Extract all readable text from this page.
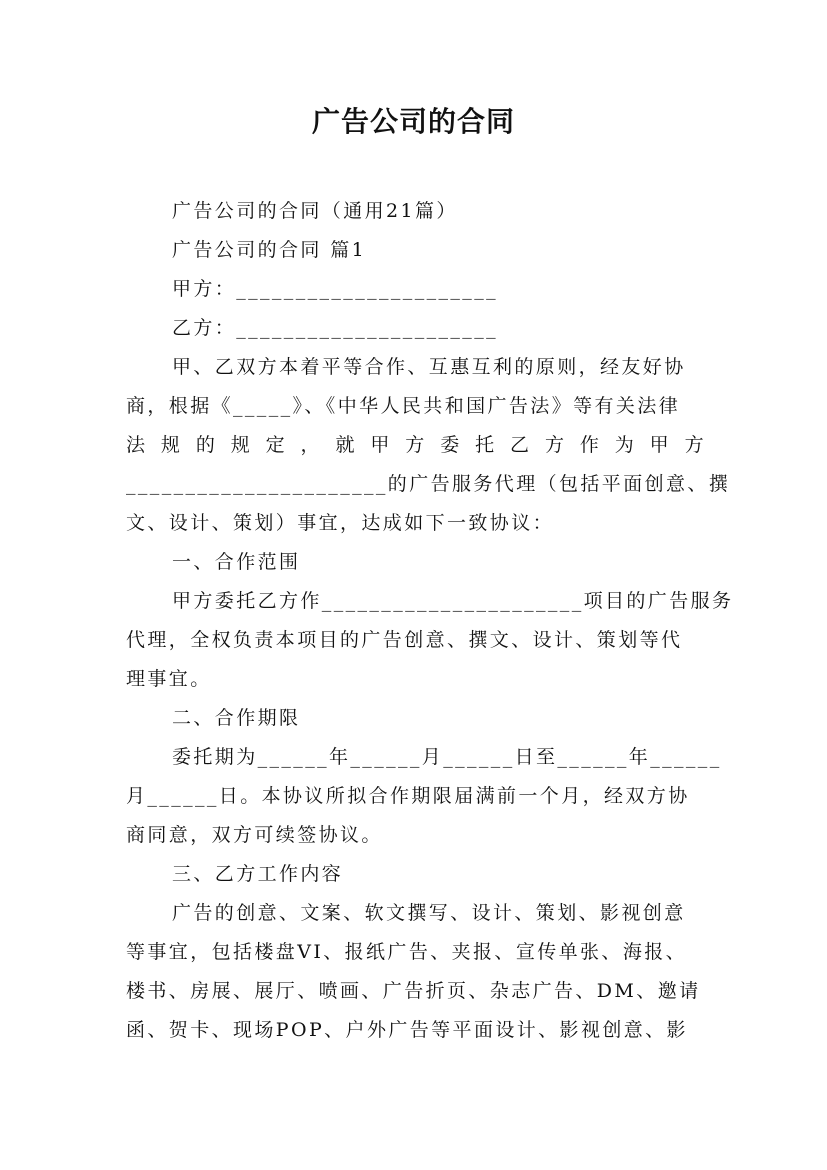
广告公司的合同
广告公司的合同（通用21篇）
广告公司的合同 篇1
甲方：______________________
乙方：______________________
甲、乙双方本着平等合作、互惠互利的原则，经友好协
商，根据《_____》、《中华人民共和国广告法》等有关法律
法规的规定，就甲方委托乙方作为甲方
______________________的广告服务代理（包括平面创意、撰
文、设计、策划）事宜，达成如下一致协议：
一、合作范围
甲方委托乙方作______________________项目的广告服务
代理，全权负责本项目的广告创意、撰文、设计、策划等代
理事宜。
二、合作期限
委托期为______年______月______日至______年______
月______日。本协议所拟合作期限届满前一个月，经双方协
商同意，双方可续签协议。
三、乙方工作内容
广告的创意、文案、软文撰写、设计、策划、影视创意
等事宜，包括楼盘VI、报纸广告、夹报、宣传单张、海报、
楼书、房展、展厅、喷画、广告折页、杂志广告、DM、邀请
函、贺卡、现场POP、户外广告等平面设计、影视创意、影
